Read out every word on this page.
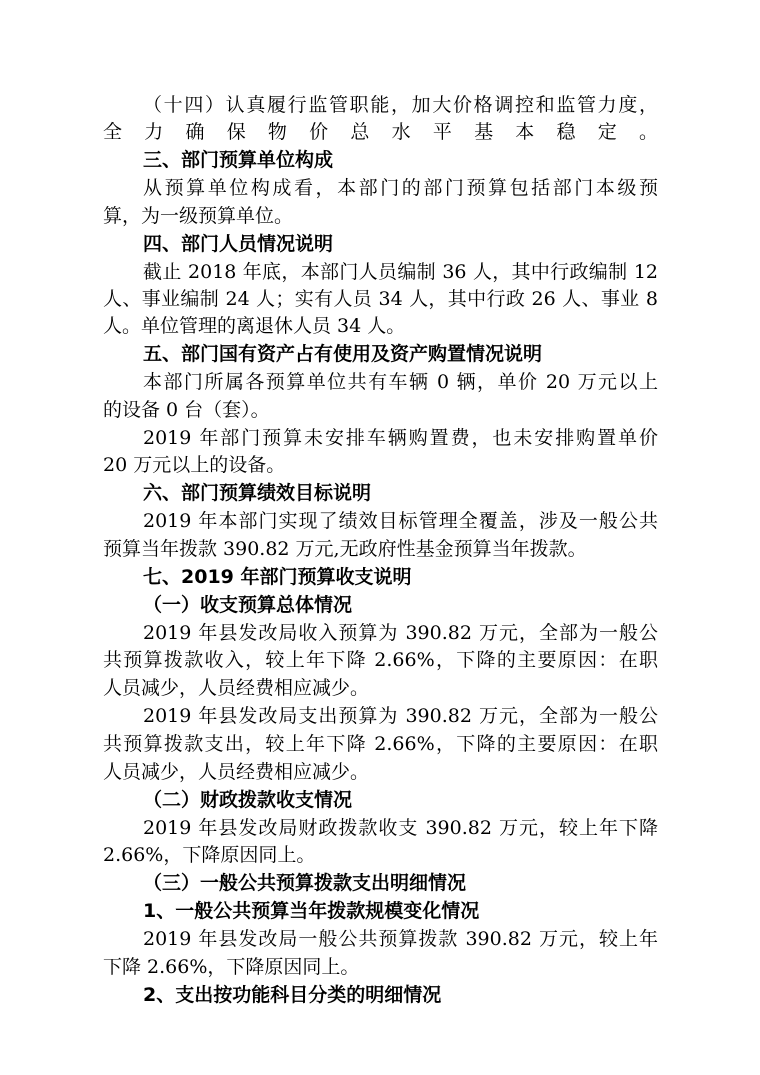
（十四）认真履行监管职能，加大价格调控和监管力度，
全力确保物价总水平基本稳定。
三、部门预算单位构成
从预算单位构成看，本部门的部门预算包括部门本级预
算，为一级预算单位。
四、部门人员情况说明
截止 2018 年底，本部门人员编制 36 人，其中行政编制 12
人、事业编制 24 人；实有人员 34 人，其中行政 26 人、事业 8
人。单位管理的离退休人员 34 人。
五、部门国有资产占有使用及资产购置情况说明
本部门所属各预算单位共有车辆 0 辆，单价 20 万元以上
的设备 0 台（套）。
2019 年部门预算未安排车辆购置费，也未安排购置单价
20 万元以上的设备。
六、部门预算绩效目标说明
2019 年本部门实现了绩效目标管理全覆盖，涉及一般公共
预算当年拨款 390.82 万元,无政府性基金预算当年拨款。
七、2019 年部门预算收支说明
（一）收支预算总体情况
2019 年县发改局收入预算为 390.82 万元，全部为一般公
共预算拨款收入，较上年下降 2.66%，下降的主要原因：在职
人员减少，人员经费相应减少。
2019 年县发改局支出预算为 390.82 万元，全部为一般公
共预算拨款支出，较上年下降 2.66%，下降的主要原因：在职
人员减少，人员经费相应减少。
（二）财政拨款收支情况
2019 年县发改局财政拨款收支 390.82 万元，较上年下降
2.66%，下降原因同上。
（三）一般公共预算拨款支出明细情况
1、一般公共预算当年拨款规模变化情况
2019 年县发改局一般公共预算拨款 390.82 万元，较上年
下降 2.66%，下降原因同上。
2、支出按功能科目分类的明细情况
